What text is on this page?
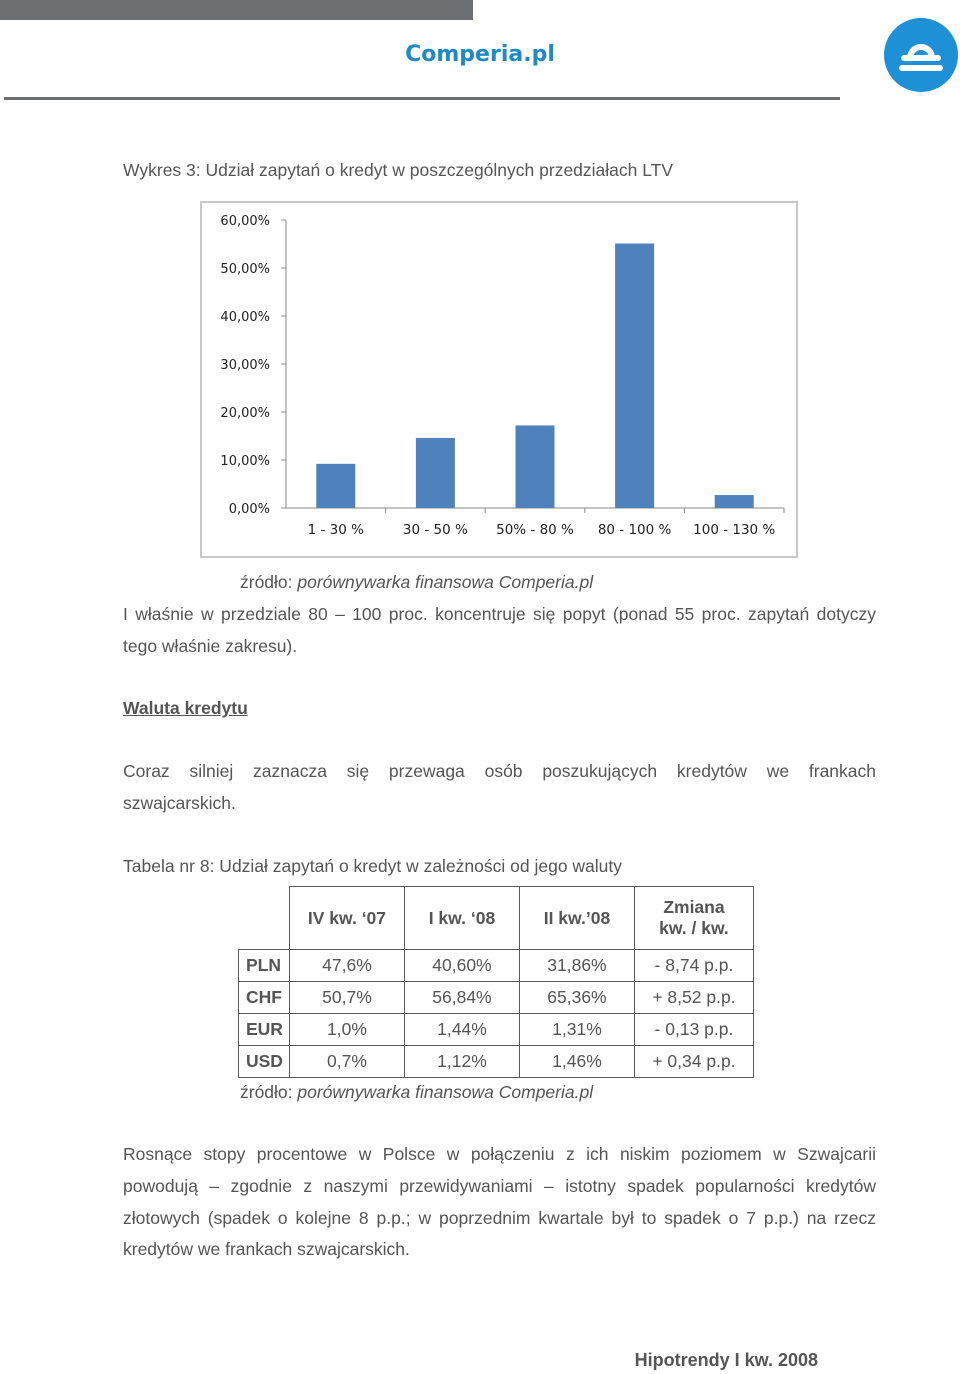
Comperia.pl
Wykres 3: Udział zapytań o kredyt w poszczególnych przedziałach LTV
0,00%
10,00%
20,00%
30,00%
40,00%
50,00%
60,00%
1 - 30 %	30 - 50 % 50% - 80 % 80 - 100 % 100 - 130 %
źródło: porównywarka finansowa Comperia.pl
I właśnie w przedziale 80 – 100 proc. koncentruje się popyt (ponad 55 proc. zapytań dotyczy
tego właśnie zakresu).
Waluta kredytu
Coraz silniej zaznacza się przewaga osób poszukujących kredytów we frankach
szwajcarskich.
Tabela nr 8: Udział zapytań o kredyt w zależności od jego waluty
	IV kw. ‘07	I kw. ‘08	II kw.’08	Zmiana
kw. / kw.

PLN	47,6%	40,60%	31,86%	- 8,74 p.p.
CHF	50,7%	56,84%	65,36%	+ 8,52 p.p.
EUR	1,0%	1,44%	1,31%	- 0,13 p.p.
USD	0,7%	1,12%	1,46%	+ 0,34 p.p.
źródło: porównywarka finansowa Comperia.pl
Rosnące stopy procentowe w Polsce w połączeniu z ich niskim poziomem w Szwajcarii
powodują – zgodnie z naszymi przewidywaniami – istotny spadek popularności kredytów
złotowych (spadek o kolejne 8 p.p.; w poprzednim kwartale był to spadek o 7 p.p.) na rzecz
kredytów we frankach szwajcarskich.
Hipotrendy I kw. 2008
